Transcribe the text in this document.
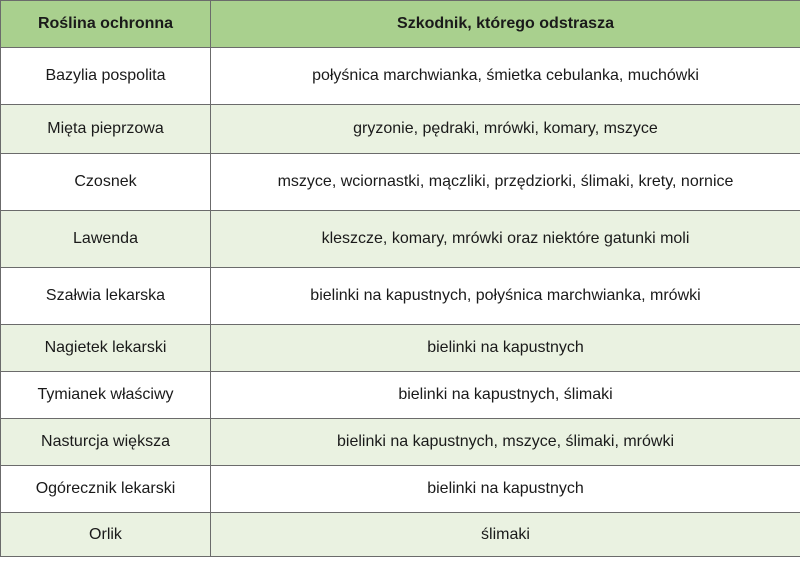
Roślina ochronna	Szkodnik, którego odstrasza
Bazylia pospolita	połyśnica marchwianka, śmietka cebulanka, muchówki
Mięta pieprzowa	gryzonie, pędraki, mrówki, komary, mszyce
Czosnek	mszyce, wciornastki, mączliki, przędziorki, ślimaki, krety, nornice
Lawenda	kleszcze, komary, mrówki oraz niektóre gatunki moli
Szałwia lekarska	bielinki na kapustnych, połyśnica marchwianka, mrówki
Nagietek lekarski	bielinki na kapustnych
Tymianek właściwy	bielinki na kapustnych, ślimaki
Nasturcja większa	bielinki na kapustnych, mszyce, ślimaki, mrówki
Ogórecznik lekarski	bielinki na kapustnych
Orlik	ślimaki
